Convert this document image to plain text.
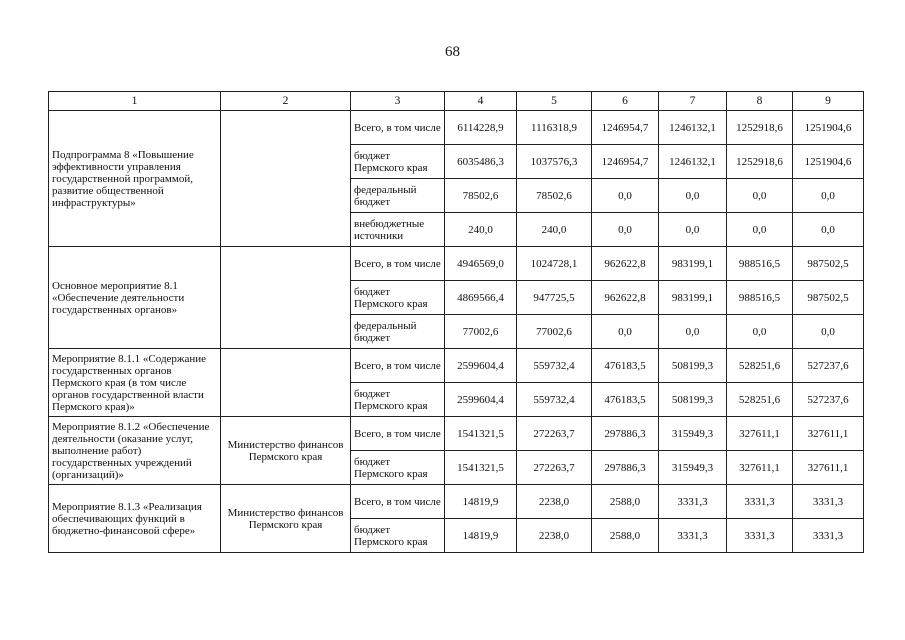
68
1	2	3	4	5	6	7	8	9
Подпрограмма 8 «Повышение эффективности управления государственной программой, развитие общественной инфраструктуры»		Всего, в том числе	6114228,9	1116318,9	1246954,7	1246132,1	1252918,6	1251904,6
		бюджет Пермского края	6035486,3	1037576,3	1246954,7	1246132,1	1252918,6	1251904,6
		федеральный бюджет	78502,6	78502,6	0,0	0,0	0,0	0,0
		внебюджетные источники	240,0	240,0	0,0	0,0	0,0	0,0
Основное мероприятие 8.1 «Обеспечение деятельности государственных органов»		Всего, в том числе	4946569,0	1024728,1	962622,8	983199,1	988516,5	987502,5
		бюджет Пермского края	4869566,4	947725,5	962622,8	983199,1	988516,5	987502,5
		федеральный бюджет	77002,6	77002,6	0,0	0,0	0,0	0,0
Мероприятие 8.1.1 «Содержание государственных органов Пермского края (в том числе органов государственной власти Пермского края)»		Всего, в том числе	2599604,4	559732,4	476183,5	508199,3	528251,6	527237,6
		бюджет Пермского края	2599604,4	559732,4	476183,5	508199,3	528251,6	527237,6
Мероприятие 8.1.2 «Обеспечение деятельности (оказание услуг, выполнение работ) государственных учреждений (организаций)»	Министерство финансов Пермского края	Всего, в том числе	1541321,5	272263,7	297886,3	315949,3	327611,1	327611,1
		бюджет Пермского края	1541321,5	272263,7	297886,3	315949,3	327611,1	327611,1
Мероприятие 8.1.3 «Реализация обеспечивающих функций в бюджетно-финансовой сфере»	Министерство финансов Пермского края	Всего, в том числе	14819,9	2238,0	2588,0	3331,3	3331,3	3331,3
		бюджет Пермского края	14819,9	2238,0	2588,0	3331,3	3331,3	3331,3
